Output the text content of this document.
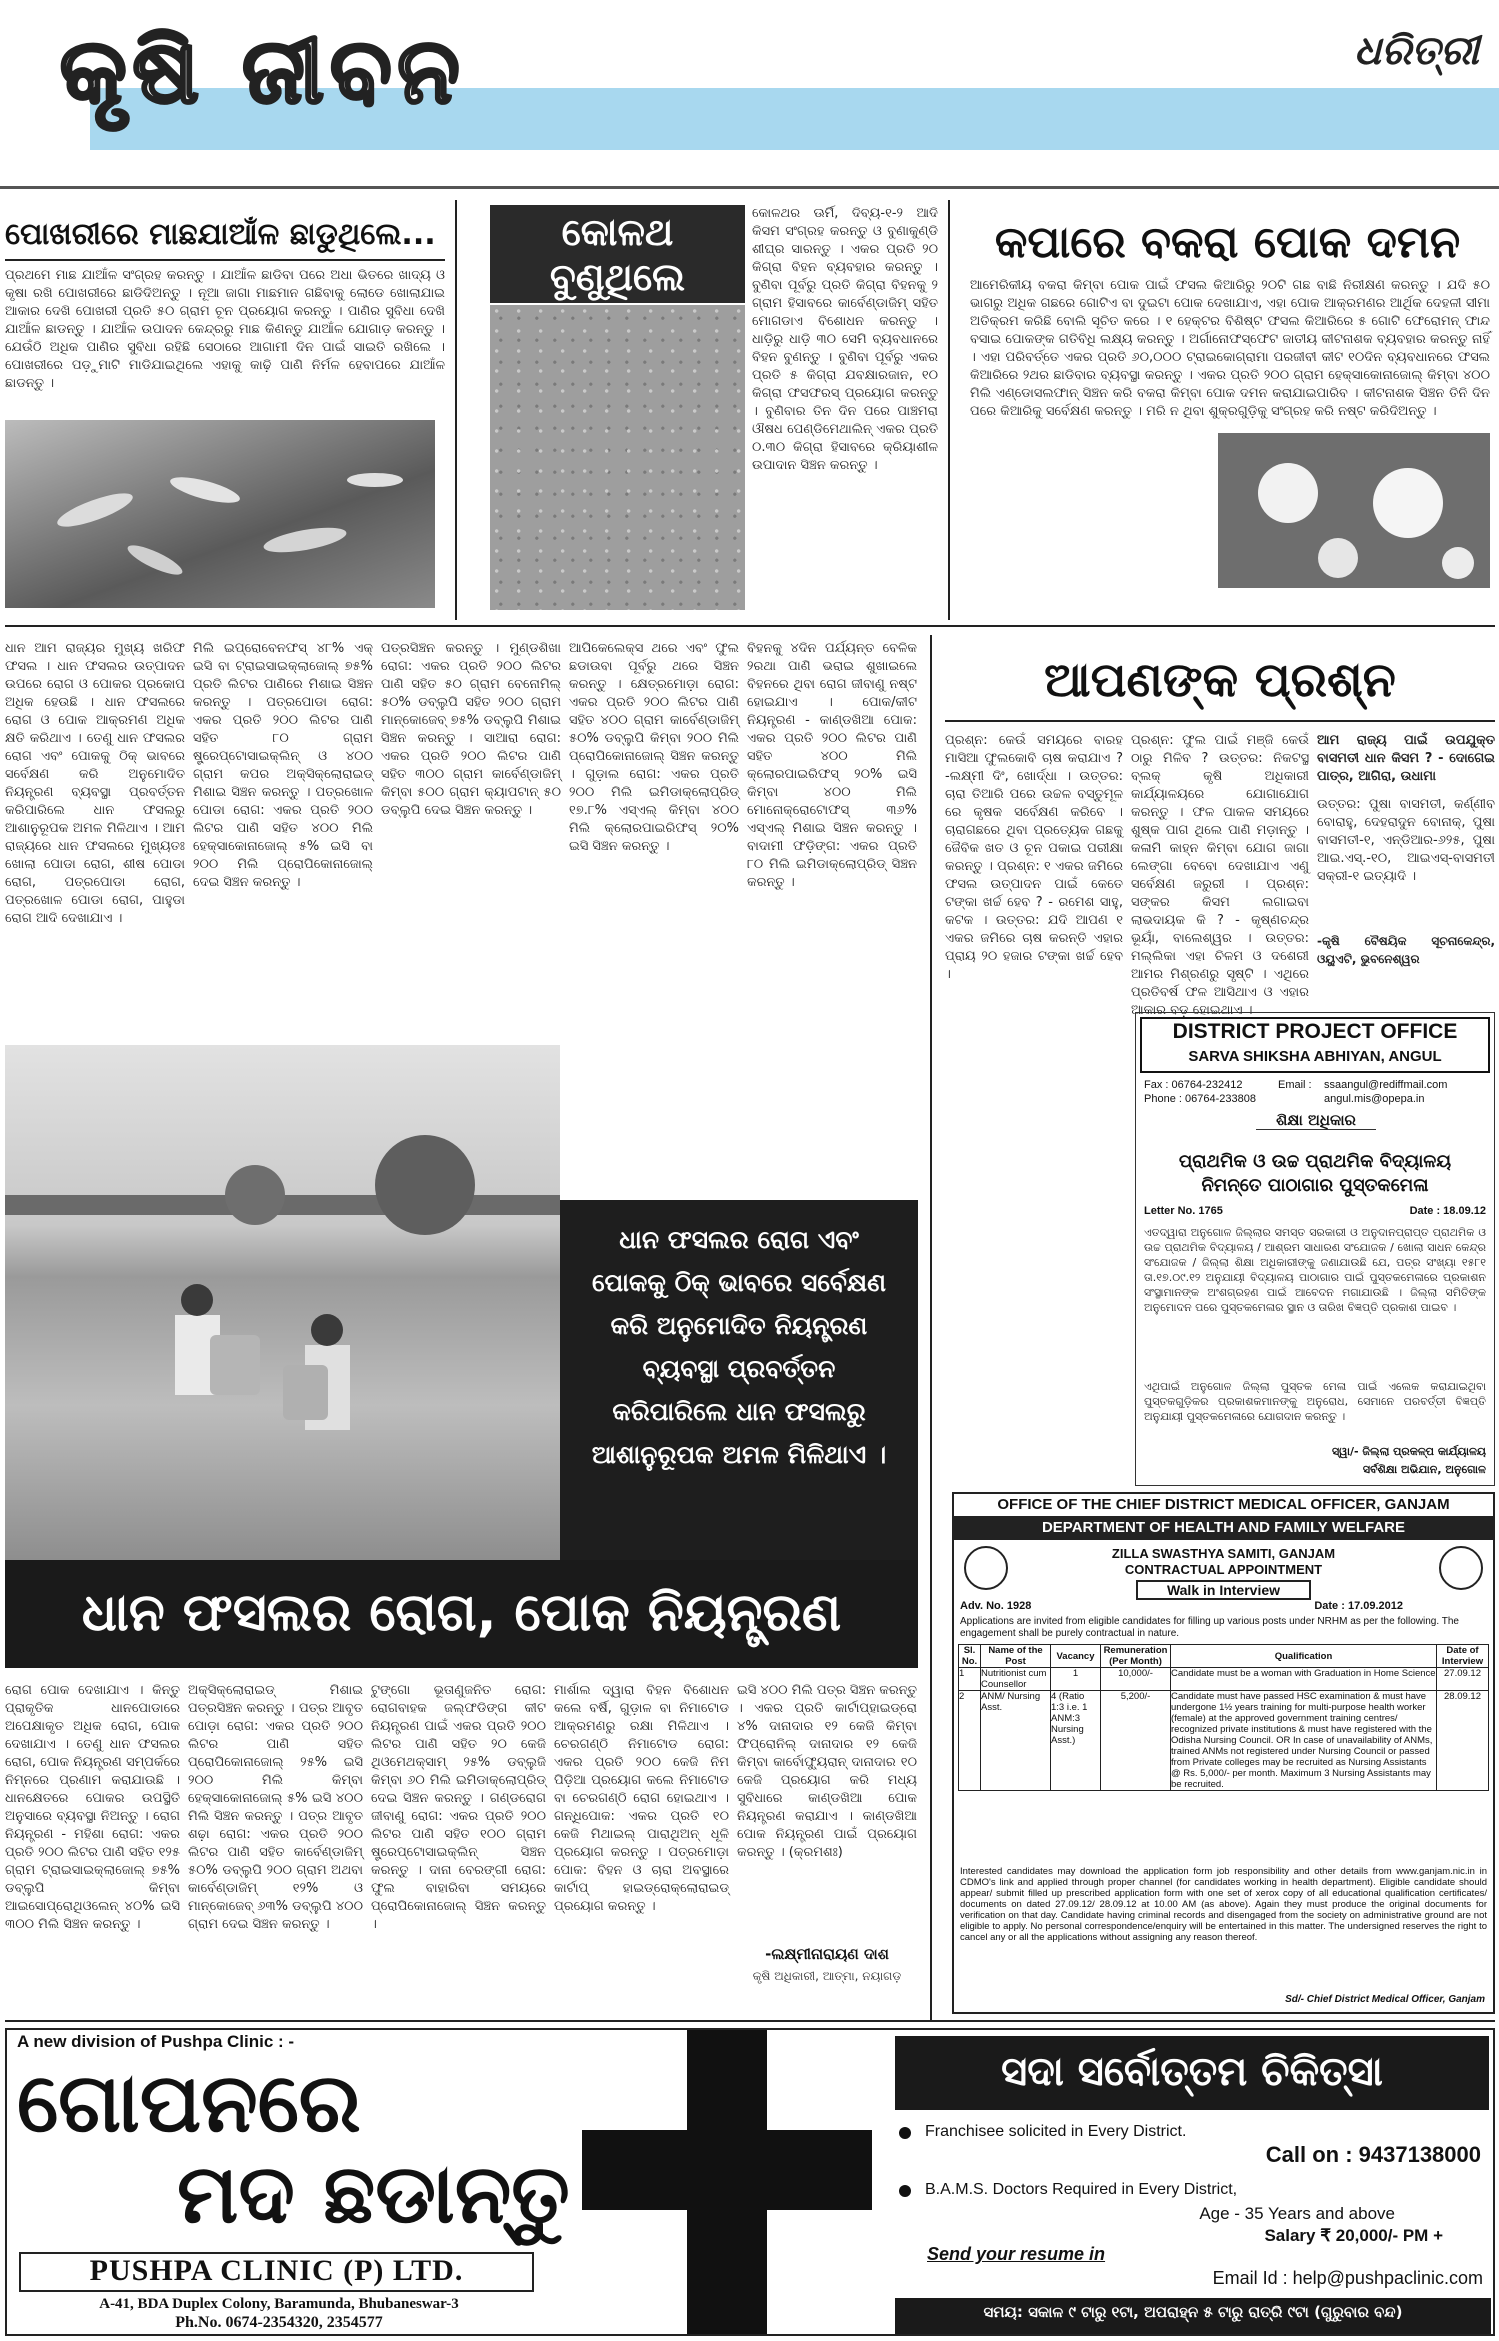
କୃଷି ଜୀବନ	ଧରିତ୍ରୀ
ପୋଖରୀରେ ମାଛଯାଆଁଳ ଛାଡୁଥିଲେ...
ପ୍ରଥମେ ମାଛ ଯାଆଁଳ ସଂଗ୍ରହ କରନ୍ତୁ । ଯାଆଁଳ ଛାଡିବା ପରେ ଅଧା ଭିତରେ ଖାଦ୍ୟ ଓ କୃଷା ରଖି ପୋଖରୀରେ ଛାଡିଦିଅନ୍ତୁ । ନୂଆ ଜାଗା ମାଛମାନ ଗଛିବାକୁ ଲୋଡେ ଖୋଲାଯାଇ ଆକାର ଦେଖି ପୋଖରୀ ପ୍ରତି ୫୦ ଗ୍ରାମ ଚୂନ ପ୍ରୟୋଗ କରନ୍ତୁ । ପାଣିର ସୁବିଧା ଦେଖି ଯାଆଁଳ ଛାଡନ୍ତୁ । ଯାଆଁଳ ଉପାଦନ କେନ୍ଦ୍ରରୁ ମାଛ କିଣନ୍ତୁ ଯାଆଁଳ ଯୋଗାଡ଼ କରନ୍ତୁ । ଯେଉଁଠି ଅଧିକ ପାଣିର ସୁବିଧା ରହିଛି ସେଠାରେ ଆଗାମୀ ଦିନ ପାଇଁ ସାଇତି ରଖିଲେ । ପୋଖରୀରେ ପଡ଼ୁମାଟି ମାଡିଯାଇଥିଲେ ଏହାକୁ କାଢ଼ି ପାଣି ନିର୍ମଳ ହେବାପରେ ଯାଆଁଳ ଛାଡନ୍ତୁ ।
କୋଳଥ
ବୁଣୁଥିଲେ
କୋଳଥର ଊର୍ମି, ଦିବ୍ୟ-୧-୨ ଆଦି କିସମ ସଂଗ୍ରହ କରନ୍ତୁ ଓ ବୁଣାକୁଣ୍ଡି ଶୀଘ୍ର ସାରନ୍ତୁ । ଏକର ପ୍ରତି ୨୦ କିଗ୍ରା ବିହନ ବ୍ୟବହାର କରନ୍ତୁ । ବୁଣିବା ପୂର୍ବରୁ ପ୍ରତି କିଗ୍ରା ବିହନକୁ ୨ ଗ୍ରାମ ହିସାବରେ କାର୍ବେଣ୍ଡାଜିମ୍ ସହିତ ମୋଗଡାଏ ବିଶୋଧନ କରନ୍ତୁ । ଧାଡ଼ିରୁ ଧାଡ଼ି ୩୦ ସେମି ବ୍ୟବଧାନରେ ବିହନ ବୁଣନ୍ତୁ । ବୁଣିବା ପୂର୍ବରୁ ଏକର ପ୍ରତି ୫ କିଗ୍ରା ଯବକ୍ଷାରଜାନ, ୧୦ କିଗ୍ରା ଫସଫରସ୍ ପ୍ରୟୋଗ କରନ୍ତୁ । ବୁଣିବାର ତିନ ଦିନ ପରେ ପାଞ୍ଚମରା ଔଷଧ ପେଣ୍ଡିମେଥାଲିନ୍ ଏକର ପ୍ରତି ୦.୩୦ କିଗ୍ରା ହିସାବରେ କ୍ରିୟାଶୀଳ ଉପାଦାନ ସିଞ୍ଚନ କରନ୍ତୁ ।
କପାରେ ବକରା ପୋକ ଦମନ
ଆମେରିକୀୟ ବକରା କିମ୍ବା ପୋକ ପାଇଁ ଫସଲ କିଆରିରୁ ୨୦ଟି ଗଛ ବାଛି ନିରୀକ୍ଷଣ କରନ୍ତୁ । ଯଦି ୫୦ ଭାଗରୁ ଅଧିକ ଗଛରେ ଗୋଟିଏ ବା ଦୁଇଟା ପୋକ ଦେଖାଯାଏ, ଏହା ପୋକ ଆକ୍ରମଣର ଆର୍ଥିକ ଦେହଳୀ ସୀମା ଅତିକ୍ରମ କରିଛି ବୋଲି ସୂଚିତ କରେ । ୧ ହେକ୍ଟର ବିଶିଷ୍ଟ ଫସଲ କିଆରିରେ ୫ ଗୋଟି ଫେରୋମନ୍ ଫାନ୍ଦ ବସାଇ ପୋକଙ୍କ ଗତିବିଧି ଲକ୍ଷ୍ୟ କରନ୍ତୁ । ଅର୍ଗାନୋଫସ୍‌ଫେଟ ଜାତୀୟ କୀଟନାଶକ ବ୍ୟବହାର କରନ୍ତୁ ନାହିଁ । ଏହା ପରିବର୍ତ୍ତେ ଏକର ପ୍ରତି ୬୦,୦୦୦ ଟ୍ରାଇକୋଗ୍ରାମା ପରଜୀବୀ କୀଟ ୧୦ଦିନ ବ୍ୟବଧାନରେ ଫସଲ କିଆରିରେ ୨ଥର ଛାଡିବାର ବ୍ୟବସ୍ଥା କରନ୍ତୁ । ଏକର ପ୍ରତି ୨୦୦ ଗ୍ରାମ ହେକ୍ସାକୋନାଜୋଲ୍ କିମ୍ବା ୪୦୦ ମିଲି ଏଣ୍ଡୋସଲଫାନ୍ ସିଞ୍ଚନ କରି ବକରା କିମ୍ବା ପୋକ ଦମନ କରାଯାଇପାରିବ । କୀଟନାଶକ ସିଞ୍ଚନ ତିନି ଦିନ ପରେ କିଆରିକୁ ସର୍ବେକ୍ଷଣ କରନ୍ତୁ । ମରି ନ ଥିବା ଶୁକ୍ରଗୁଡ଼ିକୁ ସଂଗ୍ରହ କରି ନଷ୍ଟ କରିଦିଅନ୍ତୁ ।
ଧାନ ଆମ ରାଜ୍ୟର ମୁଖ୍ୟ ଖରିଫ ଫସଲ । ଧାନ ଫସଲର ଉତ୍ପାଦନ ଉପରେ ରୋଗ ଓ ପୋକର ପ୍ରକୋପ ଅଧିକ ହେଉଛି । ଧାନ ଫସଲରେ ରୋଗ ଓ ପୋକ ଆକ୍ରମଣ ଅଧିକ କ୍ଷତି କରିଥାଏ । ତେଣୁ ଧାନ ଫସଲର ରୋଗ ଏବଂ ପୋକକୁ ଠିକ୍ ଭାବରେ ସର୍ବେକ୍ଷଣ କରି ଅନୁମୋଦିତ ନିୟନ୍ତ୍ରଣ ବ୍ୟବସ୍ଥା ପ୍ରବର୍ତ୍ତନ କରିପାରିଲେ ଧାନ ଫସଲରୁ ଆଶାନୁରୂପକ ଅମଳ ମିଳିଥାଏ । ଆମ ରାଜ୍ୟରେ ଧାନ ଫସଲରେ ମୁଖ୍ୟତଃ ଖୋଲା ପୋଡା ରୋଗ, ଶୀଷ ପୋଡା ରୋଗ, ପତ୍ରପୋଡା ରୋଗ, ପତ୍ରଖୋଳ ପୋଡା ରୋଗ, ପାହୁଡା ରୋଗ ଆଦି ଦେଖାଯାଏ ।
ମିଲି ଇପ୍ରୋବେନଫସ୍ ୪୮% ଏକ୍ ଇସି ବା ଟ୍ରାଇସାଇକ୍ଲାଜୋଲ୍ ୭୫% ପ୍ରତି ଲିଟର ପାଣିରେ ମିଶାଇ ସିଞ୍ଚନ କରନ୍ତୁ । ପତ୍ରପୋଡା ରୋଗ: ଏକର ପ୍ରତି ୨୦୦ ଲିଟର ପାଣି ସହିତ ୮୦ ଗ୍ରାମ ଷ୍ଟ୍ରେପ୍ଟୋସାଇକ୍ଲିନ୍ ଓ ୪୦୦ ଗ୍ରାମ କପର ଅକ୍ସିକ୍ଲୋରାଇଡ୍ ମିଶାଇ ସିଞ୍ଚନ କରନ୍ତୁ । ପତ୍ରଖୋଳ ପୋଡା ରୋଗ: ଏକର ପ୍ରତି ୨୦୦ ଲିଟର ପାଣି ସହିତ ୪୦୦ ମିଲି ହେକ୍ସାକୋନାଜୋଲ୍ ୫% ଇସି ବା ୨୦୦ ମିଲି ପ୍ରୋପିକୋନାଜୋଲ୍ ଦେଇ ସିଞ୍ଚନ କରନ୍ତୁ ।
ପତ୍ରସିଞ୍ଚନ କରନ୍ତୁ । ମୁଣ୍ଡଶିଖା ରୋଗ: ଏକର ପ୍ରତି ୨୦୦ ଲିଟର ପାଣି ସହିତ ୫୦ ଗ୍ରାମ ବେନୋମିଲ୍ ୫୦% ଡବ୍ଲୁପି ସହିତ ୨୦୦ ଗ୍ରାମ ମାନ୍‌କୋଜେବ୍ ୭୫% ଡବ୍ଲୁପି ମିଶାଇ ସିଞ୍ଚନ କରନ୍ତୁ । ସାଆରା ରୋଗ: ଏକର ପ୍ରତି ୨୦୦ ଲିଟର ପାଣି ସହିତ ୩୦୦ ଗ୍ରାମ କାର୍ବେଣ୍ଡାଜିମ୍ କିମ୍ବା ୫୦୦ ଗ୍ରାମ କ୍ୟାପଟାନ୍ ୫୦ ଡବ୍ଲୁପି ଦେଇ ସିଞ୍ଚନ କରନ୍ତୁ ।
ଆପିକେଲେକ୍ସ ଥରେ ଏବଂ ଫୁଲ ଛଡାଉବା ପୂର୍ବରୁ ଥରେ ସିଞ୍ଚନ କରନ୍ତୁ । କ୍ଷେତ୍ରମୋଡ଼ା ରୋଗ: ଏକର ପ୍ରତି ୨୦୦ ଲିଟର ପାଣି ସହିତ ୪୦୦ ଗ୍ରାମ କାର୍ବେଣ୍ଡାଜିମ୍ ୫୦% ଡବ୍ଲୁପି କିମ୍ବା ୨୦୦ ମିଲି ପ୍ରୋପିକୋନାଜୋଲ୍ ସିଞ୍ଚନ କରନ୍ତୁ । ଗୁଡ଼ାଲ ରୋଗ: ଏକର ପ୍ରତି ୨୦୦ ମିଲି ଇମିଡାକ୍ଲୋପ୍ରିଡ୍ ୧୭.୮% ଏସ୍ଏଲ୍ କିମ୍ବା ୪୦୦ ମିଲି କ୍ଲୋରପାଇରିଫସ୍ ୨୦% ଇସି ସିଞ୍ଚନ କରନ୍ତୁ ।
ବିହନକୁ ୪ଦିନ ପର୍ଯ୍ୟନ୍ତ ବେଳିକ ୨ରଥା ପାଣି ଭରାଇ ଶୁଖାଇଲେ ବିହନରେ ଥିବା ରୋଗ ଜୀବାଣୁ ନଷ୍ଟ ହୋଇଯାଏ । ପୋକ/କୀଟ ନିୟନ୍ତ୍ରଣ - କାଣ୍ଡଖିଆ ପୋକ: ଏକର ପ୍ରତି ୨୦୦ ଲିଟର ପାଣି ସହିତ ୪୦୦ ମିଲି କ୍ଲୋରପାଇରିଫସ୍ ୨୦% ଇସି କିମ୍ବା ୪୦୦ ମିଲି ମୋନୋକ୍ରୋଟୋଫସ୍ ୩୬% ଏସ୍ଏଲ୍ ମିଶାଇ ସିଞ୍ଚନ କରନ୍ତୁ । ବାଦାମୀ ଫଡ଼ିଙ୍ଗ: ଏକର ପ୍ରତି ୮୦ ମିଲି ଇମିଡାକ୍ଲୋପ୍ରିଡ୍ ସିଞ୍ଚନ କରନ୍ତୁ ।
ଧାନ ଫସଲର ରୋଗ ଏବଂ ପୋକକୁ ଠିକ୍ ଭାବରେ ସର୍ବେକ୍ଷଣ କରି ଅନୁମୋଦିତ ନିୟନ୍ତ୍ରଣ ବ୍ୟବସ୍ଥା ପ୍ରବର୍ତ୍ତନ କରିପାରିଲେ ଧାନ ଫସଲରୁ ଆଶାନୁରୂପକ ଅମଳ ମିଳିଥାଏ ।
ଧାନ ଫସଲର ରୋଗ, ପୋକ ନିୟନ୍ତ୍ରଣ
ରୋଗ ପୋକ ଦେଖାଯାଏ । କିନ୍ତୁ ପ୍ରାକୃତିକ ଧାନପୋଡାରେ ଅପେକ୍ଷାକୃତ ଅଧିକ ରୋଗ, ପୋକ ଦେଖାଯାଏ । ତେଣୁ ଧାନ ଫସଲର ରୋଗ, ପୋକ ନିୟନ୍ତ୍ରଣ ସମ୍ପର୍କରେ ନିମ୍ନରେ ପ୍ରଣାମ କରାଯାଉଛି । ଧାନକ୍ଷେତରେ ପୋକର ଉପସ୍ଥିତି ଅନୁସାରେ ବ୍ୟବସ୍ଥା ନିଅନ୍ତୁ । ରୋଗ ନିୟନ୍ତ୍ରଣ - ମହିଶା ରୋଗ: ଏକର ପ୍ରତି ୨୦୦ ଲିଟର ପାଣି ସହିତ ୧୨୫ ଗ୍ରାମ ଟ୍ରାଇସାଇକ୍ଲାଜୋଲ୍ ୭୫% ଡବ୍ଲୁପି କିମ୍ବା ଆଇସୋପ୍ରୋଥିଓଲେନ୍ ୪୦% ଇସି ୩୦୦ ମିଲି ସିଞ୍ଚନ କରନ୍ତୁ ।
ଅକ୍ସିକ୍ଲୋରାଇଡ୍ ମିଶାଇ ପତ୍ରସିଞ୍ଚନ କରନ୍ତୁ । ପତ୍ର ଆବୃତ ପୋଡ଼ା ରୋଗ: ଏକର ପ୍ରତି ୨୦୦ ଲିଟର ପାଣି ସହିତ ପ୍ରୋପିକୋନାଜୋଲ୍ ୨୫% ଇସି ୨୦୦ ମିଲି କିମ୍ବା ହେକ୍ସାକୋନାଜୋଲ୍ ୫% ଇସି ୪୦୦ ମିଲି ସିଞ୍ଚନ କରନ୍ତୁ । ପତ୍ର ଆବୃତ ଶଢ଼ା ରୋଗ: ଏକର ପ୍ରତି ୨୦୦ ଲିଟର ପାଣି ସହିତ କାର୍ବେଣ୍ଡାଜିମ୍ ୫୦% ଡବ୍ଲୁପି ୨୦୦ ଗ୍ରାମ ଅଥବା କାର୍ବେଣ୍ଡାଜିମ୍ ୧୨% ଓ ମାନ୍‌କୋଜେବ୍ ୬୩% ଡବ୍ଲୁପି ୪୦୦ ଗ୍ରାମ ଦେଇ ସିଞ୍ଚନ କରନ୍ତୁ ।
ଟୁଙ୍ଗୋ ଭୂତାଣୁଜନିତ ରୋଗ: ରୋଗବାହକ ଜଲ୍‌ଫଡିଙ୍ଗ କୀଟ ନିୟନ୍ତ୍ରଣ ପାଇଁ ଏକର ପ୍ରତି ୨୦୦ ଲିଟର ପାଣି ସହିତ ୨୦ କେଜି ଥିଓମେଥକ୍ସାମ୍ ୨୫% ଡବ୍ଲୁଜି କିମ୍ବା ୬୦ ମିଲି ଇମିଡାକ୍ଲୋପ୍ରିଡ୍ ଦେଇ ସିଞ୍ଚନ କରନ୍ତୁ । ଗଣ୍ଡରୋଗ ଜୀବାଣୁ ରୋଗ: ଏକର ପ୍ରତି ୨୦୦ ଲିଟର ପାଣି ସହିତ ୧୦୦ ଗ୍ରାମ ଷ୍ଟ୍ରେପ୍ଟୋସାଇକ୍ଲିନ୍ ସିଞ୍ଚନ କରନ୍ତୁ । ଦାନା ବେରଙ୍ଗୀ ରୋଗ: ଫୁଲ ବାହାରିବା ସମୟରେ ପ୍ରୋପିକୋନାଜୋଲ୍ ସିଞ୍ଚନ କରନ୍ତୁ ।
ମାର୍ଶାଲ ଦ୍ୱାରା ବିହନ ବିଶୋଧନ କଲେ ବର୍ଷି, ଗୁଡ଼ାଳ ବା ନିମାଟୋଡ ଆକ୍ରମଣରୁ ରକ୍ଷା ମିଳିଥାଏ । ଚେରଗଣ୍ଠି ନିମାଟୋଡ ରୋଗ: ଏକର ପ୍ରତି ୨୦୦ କେଜି ନିମ ପିଡ଼ିଆ ପ୍ରୟୋଗ କଲେ ନିମାଟୋଡ ବା ଚେରଗଣ୍ଠି ରୋଗ ହୋଇଥାଏ । ଗନ୍ଧିପୋକ: ଏକର ପ୍ରତି ୧୦ କେଜି ମିଥାଇଲ୍ ପାରାଥିଅନ୍ ଧୂଳି ପ୍ରୟୋଗ କରନ୍ତୁ । ପତ୍ରମୋଡ଼ା ପୋକ: ବିହନ ଓ ଚାରା ଅବସ୍ଥାରେ କାର୍ଟାପ୍ ହାଇଡ୍ରୋକ୍ଲୋରାଇଡ୍ ପ୍ରୟୋଗ କରନ୍ତୁ ।
ଇସି ୪୦୦ ମିଲି ପତ୍ର ସିଞ୍ଚନ କରନ୍ତୁ । ଏକର ପ୍ରତି କାର୍ଟାପ୍‌ହାଇଡ୍ରୋ ୪% ଦାନାଦାର ୧୨ କେଜି କିମ୍ବା ଫିପ୍ରୋନିଲ୍ ଦାନାଦାର ୧୨ କେଜି କିମ୍ବା କାର୍ବୋଫ୍ୟୁରାନ୍ ଦାନାଦାର ୧୦ କେଜି ପ୍ରୟୋଗ କରି ମଧ୍ୟ ସୁବିଧାରେ କାଣ୍ଡଖିଆ ପୋକ ନିୟନ୍ତ୍ରଣ କରାଯାଏ । କାଣ୍ଡଖିଆ ପୋକ ନିୟନ୍ତ୍ରଣ ପାଇଁ ପ୍ରୟୋଗ କରନ୍ତୁ । (କ୍ରମଶଃ)
-ଲକ୍ଷ୍ମୀନାରାୟଣ ଦାଶ
କୃଷି ଅଧିକାରୀ, ଆତ୍ମା, ନୟାଗଡ଼
ଆପଣଙ୍କ ପ୍ରଶ୍ନ
ପ୍ରଶ୍ନ: କେଉଁ ସମୟରେ ବାରହ ମାସିଆ ଫୁଲକୋବି ଚାଷ କରାଯାଏ ? -ଲକ୍ଷ୍ମୀ ଦିଂ, ଖୋର୍ଦ୍ଧା । ଉତ୍ତର: ଚାରା ତିଆରି ପରେ ଉଚ୍ଚଳ ବସ୍ତୁମୂଳ ରେ କୃଷକ ସର୍ବେକ୍ଷଣ କରିବେ । ଚାରାଗଛରେ ଥିବା ପ୍ରତ୍ୟେକ ଗଛକୁ ଜୈବିକ ଖତ ଓ ଚୂନ ପକାଇ ପରୀକ୍ଷା କରନ୍ତୁ । ପ୍ରଶ୍ନ: ୧ ଏକର ଜମିରେ ଫସଲ ଉତ୍ପାଦନ ପାଇଁ କେତେ ଟଙ୍କା ଖର୍ଚ୍ଚ ହେବ ? - ରମେଶ ସାହୁ, କଟକ । ଉତ୍ତର: ଯଦି ଆପଣ ୧ ଏକର ଜମିରେ ଚାଷ କରନ୍ତି ଏହାର ପ୍ରାୟ ୨୦ ହଜାର ଟଙ୍କା ଖର୍ଚ୍ଚ ହେବ ।
ପ୍ରଶ୍ନ: ଫୁଲ ପାଇଁ ମଞ୍ଜି କେଉଁ ଠାରୁ ମିଳିବ ? ଉତ୍ତର: ନିକଟସ୍ଥ ବ୍ଲକ୍ କୃଷି ଅଧିକାରୀ କାର୍ଯ୍ୟାଳୟରେ ଯୋଗାଯୋଗ କରନ୍ତୁ । ଫଳ ପାକଳ ସମୟରେ ଶୁଷ୍କ ପାଗ ଥିଲେ ପାଣି ମଡ଼ାନ୍ତୁ । କଳାମି କାହ୍ନ କିମ୍ବା ଯୋଗ ଜାଗା ଲେଙ୍ଗା ବେବୋ ଦେଖାଯାଏ ଏଣୁ ସର୍ବେକ୍ଷଣ ଜରୁରୀ । ପ୍ରଶ୍ନ: ସଙ୍କର କିସମ ଲଗାଇବା ଲାଭଦାୟକ କି ? - କୃଷ୍ଣଚନ୍ଦ୍ର ଭୂୟାଁ, ବାଲେଶ୍ୱର । ଉତ୍ତର: ମଲ୍ଲିକା ଏହା ଚିଳମ ଓ ଦଶେରୀ ଆମର ମିଶ୍ରଣରୁ ସୃଷ୍ଟି । ଏଥିରେ ପ୍ରତିବର୍ଷ ଫଳ ଆସିଥାଏ ଓ ଏହାର ଆକାର ବଡ଼ ହୋଇଥାଏ ।
ଆମ ରାଜ୍ୟ ପାଇଁ ଉପଯୁକ୍ତ ବାସମତୀ ଧାନ କିସମ ? - ଦୋଗେଇ ପାତ୍ର, ଆଗିରା, ଉଧାମା
ଉତ୍ତର: ପୁଷା ବାସମତୀ, କର୍ଣ୍ଣୀବ ବୋରାହୁ, ଦେହରାଦୁନ ବୋନାକ୍, ପୁଷା ବାସମତୀ-୧, ଏନ୍ଡିଆର-୬୨୫, ପୁଷା ଆଇ.ଏସ୍.-୧୦, ଆଇଏସ୍-ବାସମତୀ ସକ୍ରୀ-୧ ଇତ୍ୟାଦି ।
-କୃଷି ବୈଷୟିକ ସୂଚନାକେନ୍ଦ୍ର, ଓୟୁଏଟି, ଭୁବନେଶ୍ୱର
DISTRICT PROJECT OFFICE
SARVA SHIKSHA ABHIYAN, ANGUL
Fax : 06764-232412
Phone : 06764-233808
Email : ssaangul@rediffmail.com
angul.mis@opepa.in
ଶିକ୍ଷା ଅଧିକାର
ପ୍ରାଥମିକ ଓ ଉଚ୍ଚ ପ୍ରାଥମିକ ବିଦ୍ୟାଳୟ
ନିମନ୍ତେ ପାଠାଗାର ପୁସ୍ତକମେଳା
Letter No. 1765	Date : 18.09.12
ଏତଦ୍ୱାରା ଅନୁଗୋଳ ଜିଲ୍ଲାର ସମସ୍ତ ସରକାରୀ ଓ ଅନୁଦାନପ୍ରାପ୍ତ ପ୍ରାଥମିକ ଓ ଉଚ୍ଚ ପ୍ରାଥମିକ ବିଦ୍ୟାଳୟ / ଆଶ୍ରମ ସାଧାରଣ ସଂଯୋଜକ / ଖୋଲା ସାଧନ କେନ୍ଦ୍ର ସଂଯୋଜକ / ଜିଲ୍ଲା ଶିକ୍ଷା ଅଧିକାରୀଙ୍କୁ ଜଣାଯାଉଛି ଯେ, ପତ୍ର ସଂଖ୍ୟା ୧୫୮୧ ତା.୧୭.୦୯.୧୨ ଅନୁଯାୟୀ ବିଦ୍ୟାଳୟ ପାଠାଗାର ପାଇଁ ପୁସ୍ତକମେଳାରେ ପ୍ରକାଶନ ସଂସ୍ଥାମାନଙ୍କ ଅଂଶଗ୍ରହଣ ପାଇଁ ଆବେଦନ ମଗାଯାଉଛି । ଜିଲ୍ଲା ସମିତିଙ୍କ ଅନୁମୋଦନ ପରେ ପୁସ୍ତକମେଳାର ସ୍ଥାନ ଓ ତାରିଖ ବିଜ୍ଞପ୍ତି ପ୍ରକାଶ ପାଇବ ।
ଏଥିପାଇଁ ଅନୁଗୋଳ ଜିଲ୍ଲା ପୁସ୍ତକ ମେଳା ପାଇଁ ଏଲେକ କରାଯାଇଥିବା ପୁସ୍ତକଗୁଡ଼ିକର ପ୍ରକାଶକମାନଙ୍କୁ ଅନୁରୋଧ, ସେମାନେ ପରବର୍ତ୍ତୀ ବିଜ୍ଞପ୍ତି ଅନୁଯାୟୀ ପୁସ୍ତକମେଳାରେ ଯୋଗଦାନ କରନ୍ତୁ ।
ସ୍ୱା/- ଜିଲ୍ଲା ପ୍ରକଳ୍ପ କାର୍ଯ୍ୟାଳୟ
ସର୍ବଶିକ୍ଷା ଅଭିଯାନ, ଅନୁଗୋଳ
OFFICE OF THE CHIEF DISTRICT MEDICAL OFFICER, GANJAM
DEPARTMENT OF HEALTH AND FAMILY WELFARE
ZILLA SWASTHYA SAMITI, GANJAM
CONTRACTUAL APPOINTMENT
Walk in Interview
Adv. No. 1928	Date : 17.09.2012
Applications are invited from eligible candidates for filling up various posts under NRHM as per the following. The engagement shall be purely contractual in nature.
Sl. No.	Name of the Post	Vacancy	Remuneration (Per Month)	Qualification	Date of Interview
1	Nutritionist cum Counsellor	1	10,000/-	Candidate must be a woman with Graduation in Home Science	27.09.12
2	ANM/ Nursing Asst.	4 (Ratio 1:3 i.e. 1 ANM:3 Nursing Asst.)	5,200/-	Candidate must have passed HSC examination & must have undergone 1½ years training for multi-purpose health worker (female) at the approved government training centres/ recognized private institutions & must have registered with the Odisha Nursing Council. OR In case of unavailability of ANMs, trained ANMs not registered under Nursing Council or passed from Private colleges may be recruited as Nursing Assistants @ Rs. 5,000/- per month. Maximum 3 Nursing Assistants may be recruited.	28.09.12
Interested candidates may download the application form job responsibility and other details from www.ganjam.nic.in in CDMO's link and applied through proper channel (for candidates working in health department). Eligible candidate should appear/ submit filled up prescribed application form with one set of xerox copy of all educational qualification certificates/ documents on dated 27.09.12/ 28.09.12 at 10.00 AM (as above). Again they must produce the original documents for verification on that day. Candidate having criminal records and disengaged from the society on administrative ground are not eligible to apply. No personal correspondence/enquiry will be entertained in this matter. The undersigned reserves the right to cancel any or all the applications without assigning any reason thereof.
Sd/- Chief District Medical Officer, Ganjam
A new division of Pushpa Clinic : -
ଗୋପନରେ
ମଦ ଛଡାନ୍ତୁ
PUSHPA CLINIC (P) LTD.
A-41, BDA Duplex Colony, Baramunda, Bhubaneswar-3
Ph.No. 0674-2354320, 2354577
ସଦା ସର୍ବୋତ୍ତମ ଚିକିତ୍ସା
Franchisee solicited in Every District.
Call on : 9437138000
B.A.M.S. Doctors Required in Every District,
Age - 35 Years and above
Salary ₹ 20,000/- PM +
Send your resume in
Email Id : help@pushpaclinic.com
ସମୟ: ସକାଳ ୯ ଟାରୁ ୧ଟା, ଅପରାହ୍ନ ୫ ଟାରୁ ରାତ୍ରି ୯ଟା (ଗୁରୁବାର ବନ୍ଦ)
